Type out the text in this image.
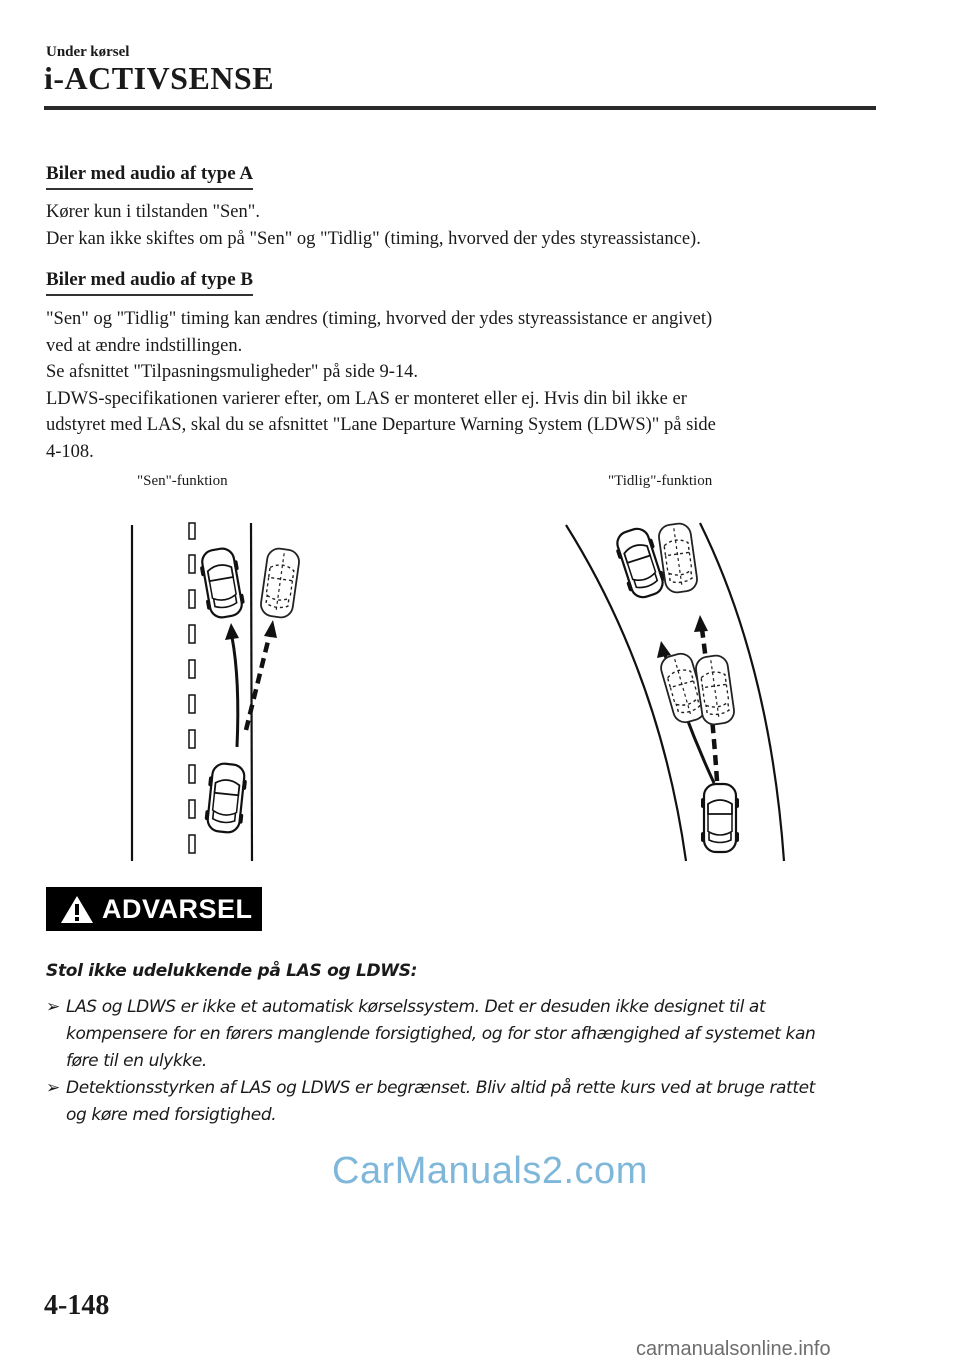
Under kørsel
i-ACTIVSENSE
Biler med audio af type A

Kører kun i tilstanden "Sen".

Der kan ikke skiftes om på "Sen" og "Tidlig" (timing, hvorved der ydes styreassistance).

Biler med audio af type B

"Sen" og "Tidlig" timing kan ændres (timing, hvorved der ydes styreassistance er angivet)

ved at ændre indstillingen.

Se afsnittet "Tilpasningsmuligheder" på side 9-14.

LDWS-specifikationen varierer efter, om LAS er monteret eller ej. Hvis din bil ikke er

udstyret med LAS, skal du se afsnittet "Lane Departure Warning System (LDWS)" på side

4-108.

"Sen"-funktion	"Tidlig"-funktion
ADVARSEL
Stol ikke udelukkende på LAS og LDWS:
➢ LAS og LDWS er ikke et automatisk kørselssystem. Det er desuden ikke designet til at
kompensere for en førers manglende forsigtighed, og for stor afhængighed af systemet kan
føre til en ulykke.
➢ Detektionsstyrken af LAS og LDWS er begrænset. Bliv altid på rette kurs ved at bruge rattet
og køre med forsigtighed.
CarManuals2.com
4-148
carmanualsonline.info
